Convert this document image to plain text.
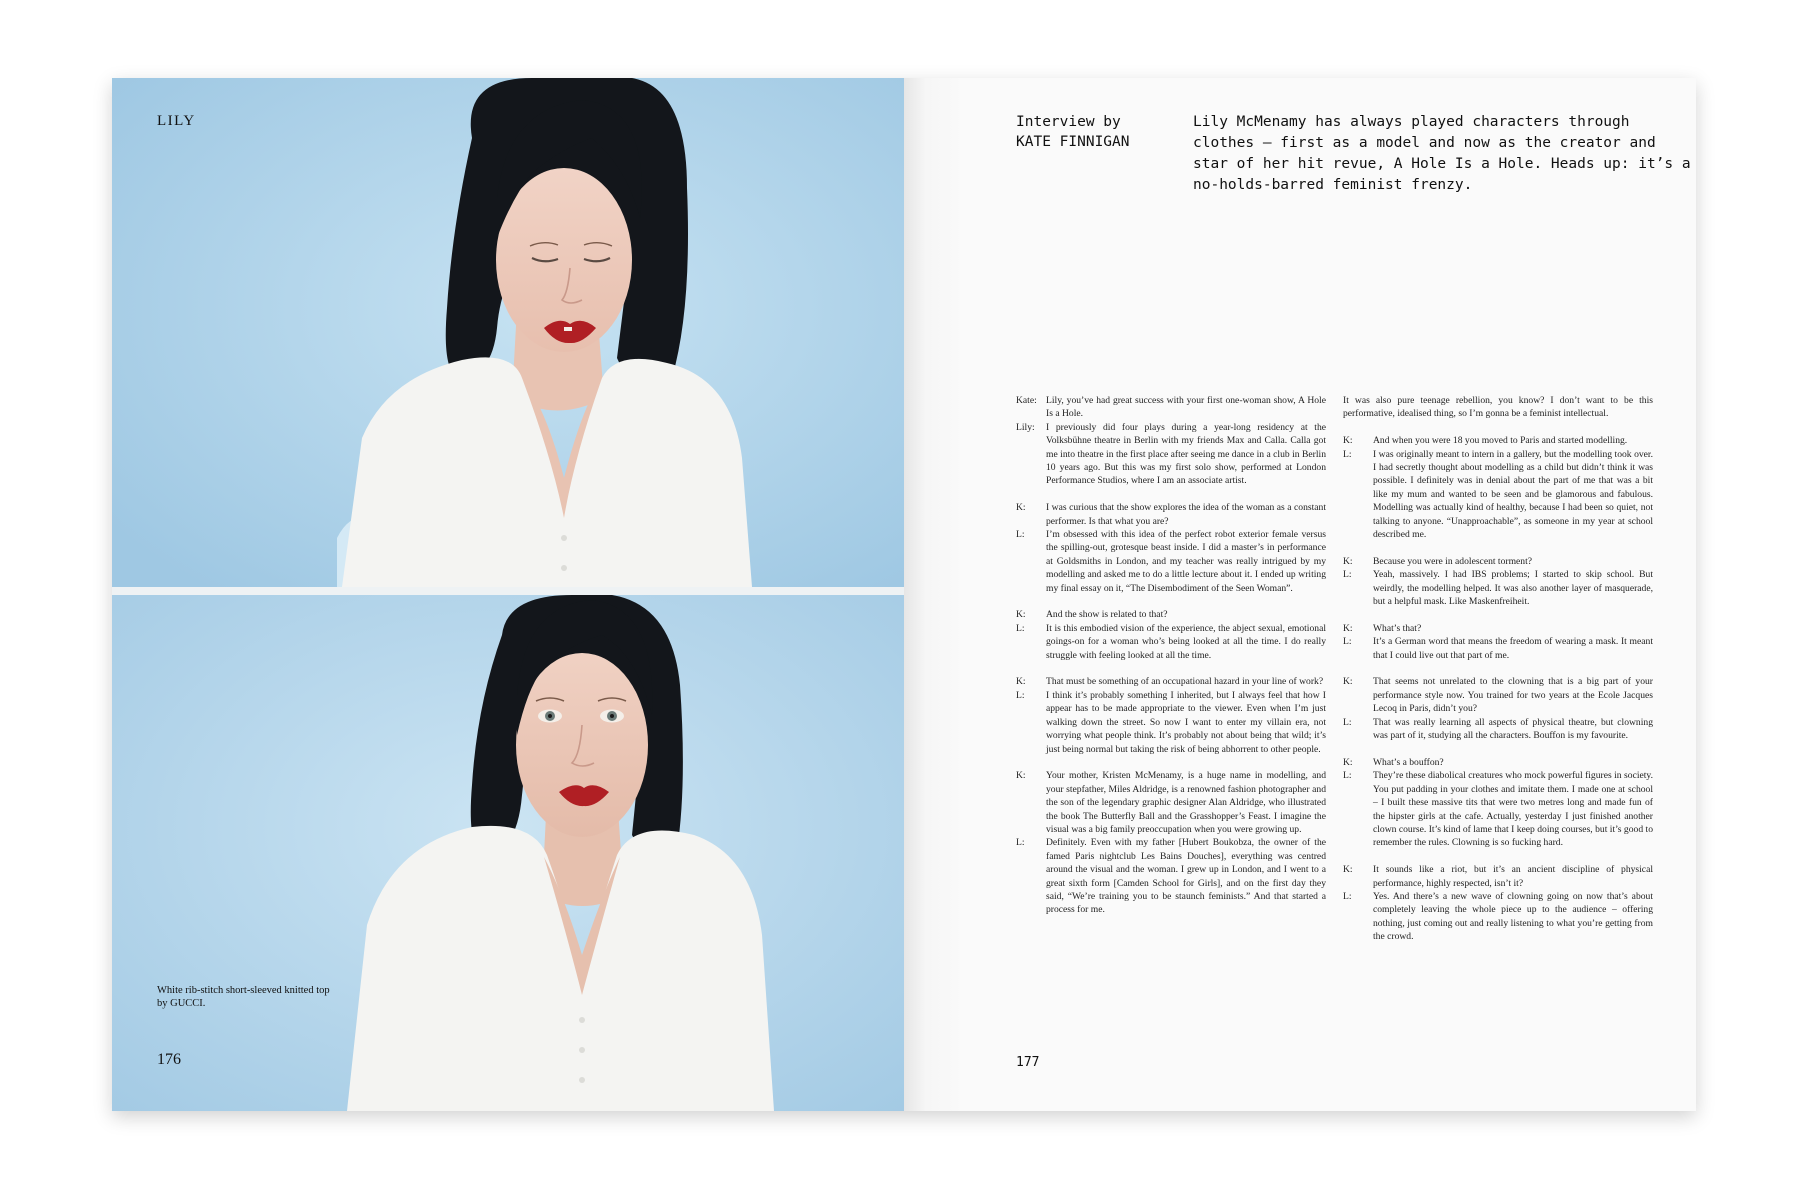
LILY
White rib-stitch short-sleeved knitted top
by GUCCI.
176
Interview by
KATE FINNIGAN
Lily McMenamy has always played characters through
clothes – first as a model and now as the creator and
star of her hit revue, A Hole Is a Hole. Heads up: it’s a
no-holds-barred feminist frenzy.
Kate: Lily, you’ve had great success with your first one-woman show, A Hole Is a Hole.
Lily: I previously did four plays during a year-long residency at the Volksbühne theatre in Berlin with my friends Max and Calla. Calla got me into theatre in the first place after seeing me dance in a club in Berlin 10 years ago. But this was my first solo show, performed at London Performance Studios, where I am an associate artist.
K: I was curious that the show explores the idea of the woman as a constant performer. Is that what you are?
L: I’m obsessed with this idea of the perfect robot exterior female versus the spilling-out, grotesque beast inside. I did a master’s in performance at Goldsmiths in London, and my teacher was really intrigued by my modelling and asked me to do a little lecture about it. I ended up writing my final essay on it, “The Disembodiment of the Seen Woman”.
K: And the show is related to that?
L: It is this embodied vision of the experience, the abject sexual, emotional goings-on for a woman who’s being looked at all the time. I do really struggle with feeling looked at all the time.
K: That must be something of an occupational hazard in your line of work?
L: I think it’s probably something I inherited, but I always feel that how I appear has to be made appropriate to the viewer. Even when I’m just walking down the street. So now I want to enter my villain era, not worrying what people think. It’s probably not about being that wild; it’s just being normal but taking the risk of being abhorrent to other people.
K: Your mother, Kristen McMenamy, is a huge name in modelling, and your stepfather, Miles Aldridge, is a renowned fashion photographer and the son of the legendary graphic designer Alan Aldridge, who illustrated the book The Butterfly Ball and the Grasshopper’s Feast. I imagine the visual was a big family preoccupation when you were growing up.
L: Definitely. Even with my father [Hubert Boukobza, the owner of the famed Paris nightclub Les Bains Douches], everything was centred around the visual and the woman. I grew up in London, and I went to a great sixth form [Camden School for Girls], and on the first day they said, “We’re training you to be staunch feminists.” And that started a process for me.
It was also pure teenage rebellion, you know? I don’t want to be this performative, idealised thing, so I’m gonna be a feminist intellectual.
K: And when you were 18 you moved to Paris and started modelling.
L: I was originally meant to intern in a gallery, but the modelling took over. I had secretly thought about modelling as a child but didn’t think it was possible. I definitely was in denial about the part of me that was a bit like my mum and wanted to be seen and be glamorous and fabulous. Modelling was actually kind of healthy, because I had been so quiet, not talking to anyone. “Unapproachable”, as someone in my year at school described me.
K: Because you were in adolescent torment?
L: Yeah, massively. I had IBS problems; I started to skip school. But weirdly, the modelling helped. It was also another layer of masquerade, but a helpful mask. Like Maskenfreiheit.
K: What’s that?
L: It’s a German word that means the freedom of wearing a mask. It meant that I could live out that part of me.
K: That seems not unrelated to the clowning that is a big part of your performance style now. You trained for two years at the Ecole Jacques Lecoq in Paris, didn’t you?
L: That was really learning all aspects of physical theatre, but clowning was part of it, studying all the characters. Bouffon is my favourite.
K: What’s a bouffon?
L: They’re these diabolical creatures who mock powerful figures in society. You put padding in your clothes and imitate them. I made one at school – I built these massive tits that were two metres long and made fun of the hipster girls at the cafe. Actually, yesterday I just finished another clown course. It’s kind of lame that I keep doing courses, but it’s good to remember the rules. Clowning is so fucking hard.
K: It sounds like a riot, but it’s an ancient discipline of physical performance, highly respected, isn’t it?
L: Yes. And there’s a new wave of clowning going on now that’s about completely leaving the whole piece up to the audience – offering nothing, just coming out and really listening to what you’re getting from the crowd.
177
